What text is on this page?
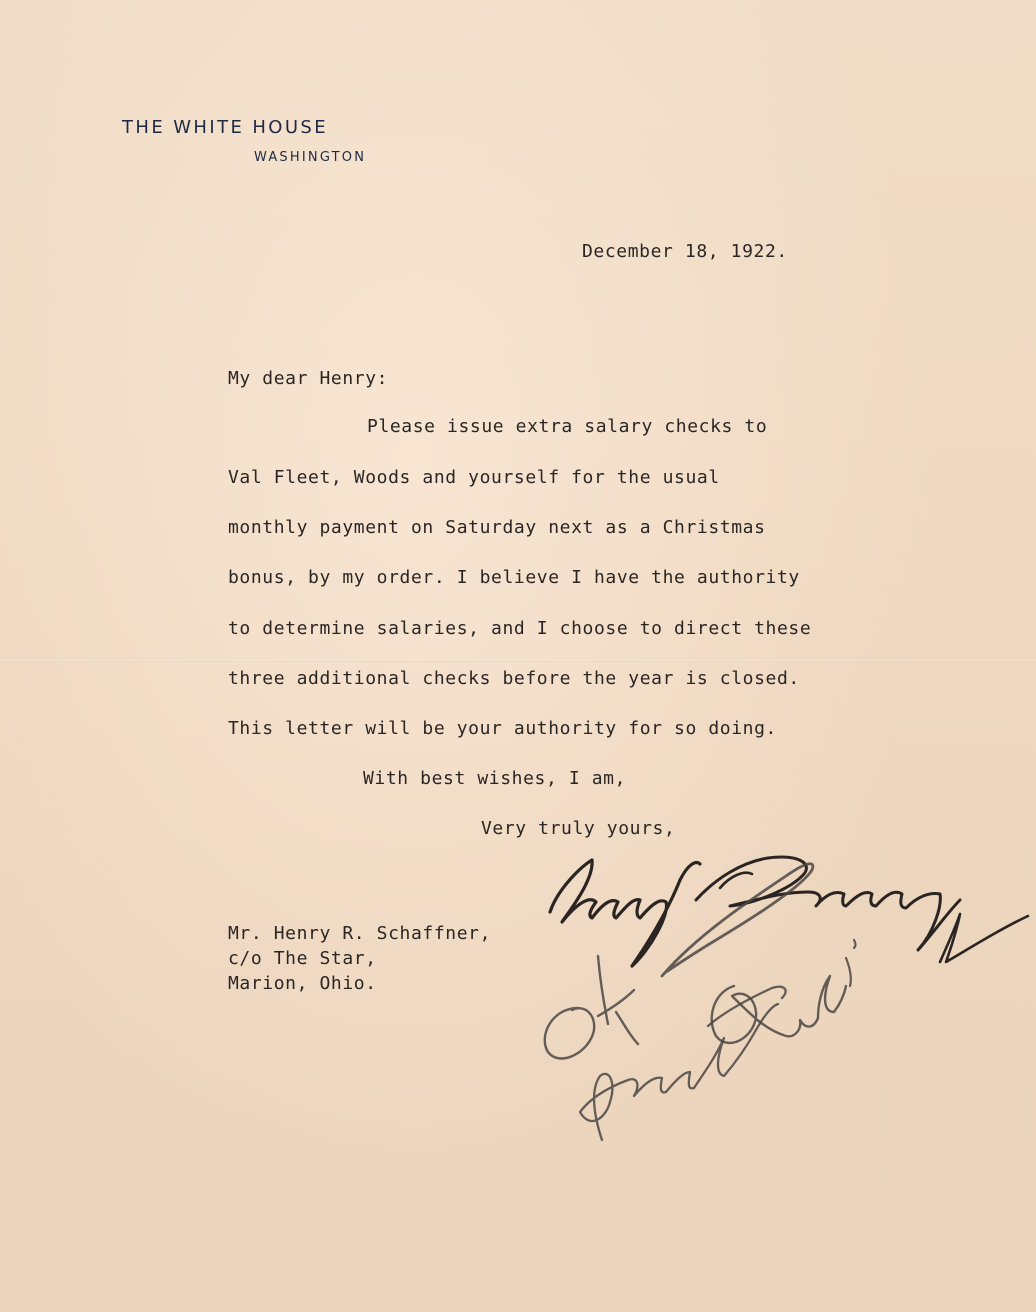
THE WHITE HOUSE
WASHINGTON
December 18, 1922.
My dear Henry:
Please issue extra salary checks to
Val Fleet, Woods and yourself for the usual
monthly payment on Saturday next as a Christmas
bonus, by my order. I believe I have the authority
to determine salaries, and I choose to direct these
three additional checks before the year is closed.
This letter will be your authority for so doing.
With best wishes, I am,
Very truly yours,
Mr. Henry R. Schaffner,
c/o The Star,
Marion, Ohio.
